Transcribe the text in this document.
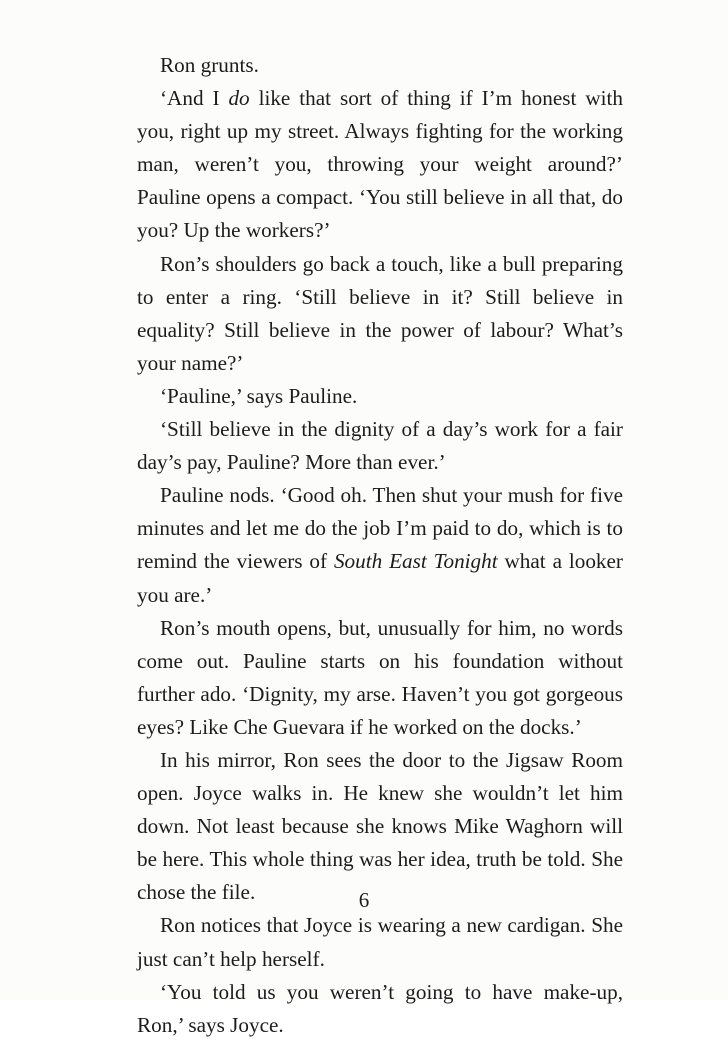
Ron grunts.

‘And I do like that sort of thing if I’m honest with you, right up my street. Always fighting for the working man, weren’t you, throwing your weight around?’ Pauline opens a compact. ‘You still believe in all that, do you? Up the workers?’

Ron’s shoulders go back a touch, like a bull preparing to enter a ring. ‘Still believe in it? Still believe in equality? Still believe in the power of labour? What’s your name?’

‘Pauline,’ says Pauline.

‘Still believe in the dignity of a day’s work for a fair day’s pay, Pauline? More than ever.’

Pauline nods. ‘Good oh. Then shut your mush for five minutes and let me do the job I’m paid to do, which is to remind the viewers of South East Tonight what a looker you are.’

Ron’s mouth opens, but, unusually for him, no words come out. Pauline starts on his foundation without further ado. ‘Dignity, my arse. Haven’t you got gorgeous eyes? Like Che Guevara if he worked on the docks.’

In his mirror, Ron sees the door to the Jigsaw Room open. Joyce walks in. He knew she wouldn’t let him down. Not least because she knows Mike Waghorn will be here. This whole thing was her idea, truth be told. She chose the file.

Ron notices that Joyce is wearing a new cardigan. She just can’t help herself.

‘You told us you weren’t going to have make-up, Ron,’ says Joyce.

6
